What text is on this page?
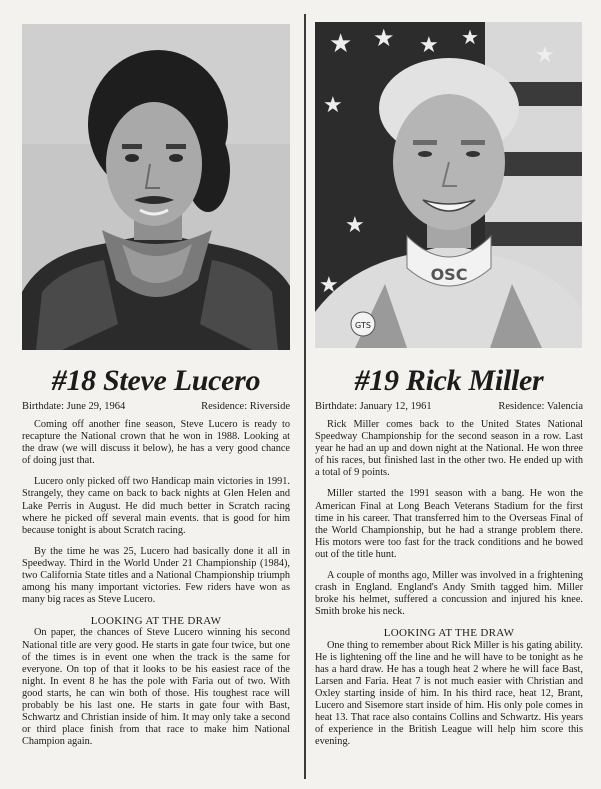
#18 Steve Lucero
Birthdate: June 29, 1964	Residence: Riverside

Coming off another fine season, Steve Lucero is ready to recapture the National crown that he won in 1988. Looking at the draw (we will discuss it below), he has a very good chance of doing just that.

Lucero only picked off two Handicap main victories in 1991. Strangely, they came on back to back nights at Glen Helen and Lake Perris in August. He did much better in Scratch racing where he picked off several main events. that is good for him because tonight is about Scratch racing.

By the time he was 25, Lucero had basically done it all in Speedway. Third in the World Under 21 Championship (1984), two California State titles and a National Championship triumph among his many important victories. Few riders have won as many big races as Steve Lucero.

LOOKING AT THE DRAW

On paper, the chances of Steve Lucero winning his second National title are very good. He starts in gate four twice, but one of the times is in event one when the track is the same for everyone. On top of that it looks to be his easiest race of the night. In event 8 he has the pole with Faria out of two. With good starts, he can win both of those. His toughest race will probably be his last one. He starts in gate four with Bast, Schwartz and Christian inside of him. It may only take a second or third place finish from that race to make him National Champion again.

★ ★ ★ ★
★
★
★
★
GTS
OSC
#19 Rick Miller
Birthdate: January 12, 1961	Residence: Valencia

Rick Miller comes back to the United States National Speedway Championship for the second season in a row. Last year he had an up and down night at the National. He won three of his races, but finished last in the other two. He ended up with a total of 9 points.

Miller started the 1991 season with a bang. He won the American Final at Long Beach Veterans Stadium for the first time in his career. That transferred him to the Overseas Final of the World Championship, but he had a strange problem there. His motors were too fast for the track conditions and he bowed out of the title hunt.

A couple of months ago, Miller was involved in a frightening crash in England. England's Andy Smith tagged him. Miller broke his helmet, suffered a concussion and injured his knee. Smith broke his neck.

LOOKING AT THE DRAW

One thing to remember about Rick Miller is his gating ability. He is lightening off the line and he will have to be tonight as he has a hard draw. He has a tough heat 2 where he will face Bast, Larsen and Faria. Heat 7 is not much easier with Christian and Oxley starting inside of him. In his third race, heat 12, Brant, Lucero and Sisemore start inside of him. His only pole comes in heat 13. That race also contains Collins and Schwartz. His years of experience in the British League will help him score this evening.
